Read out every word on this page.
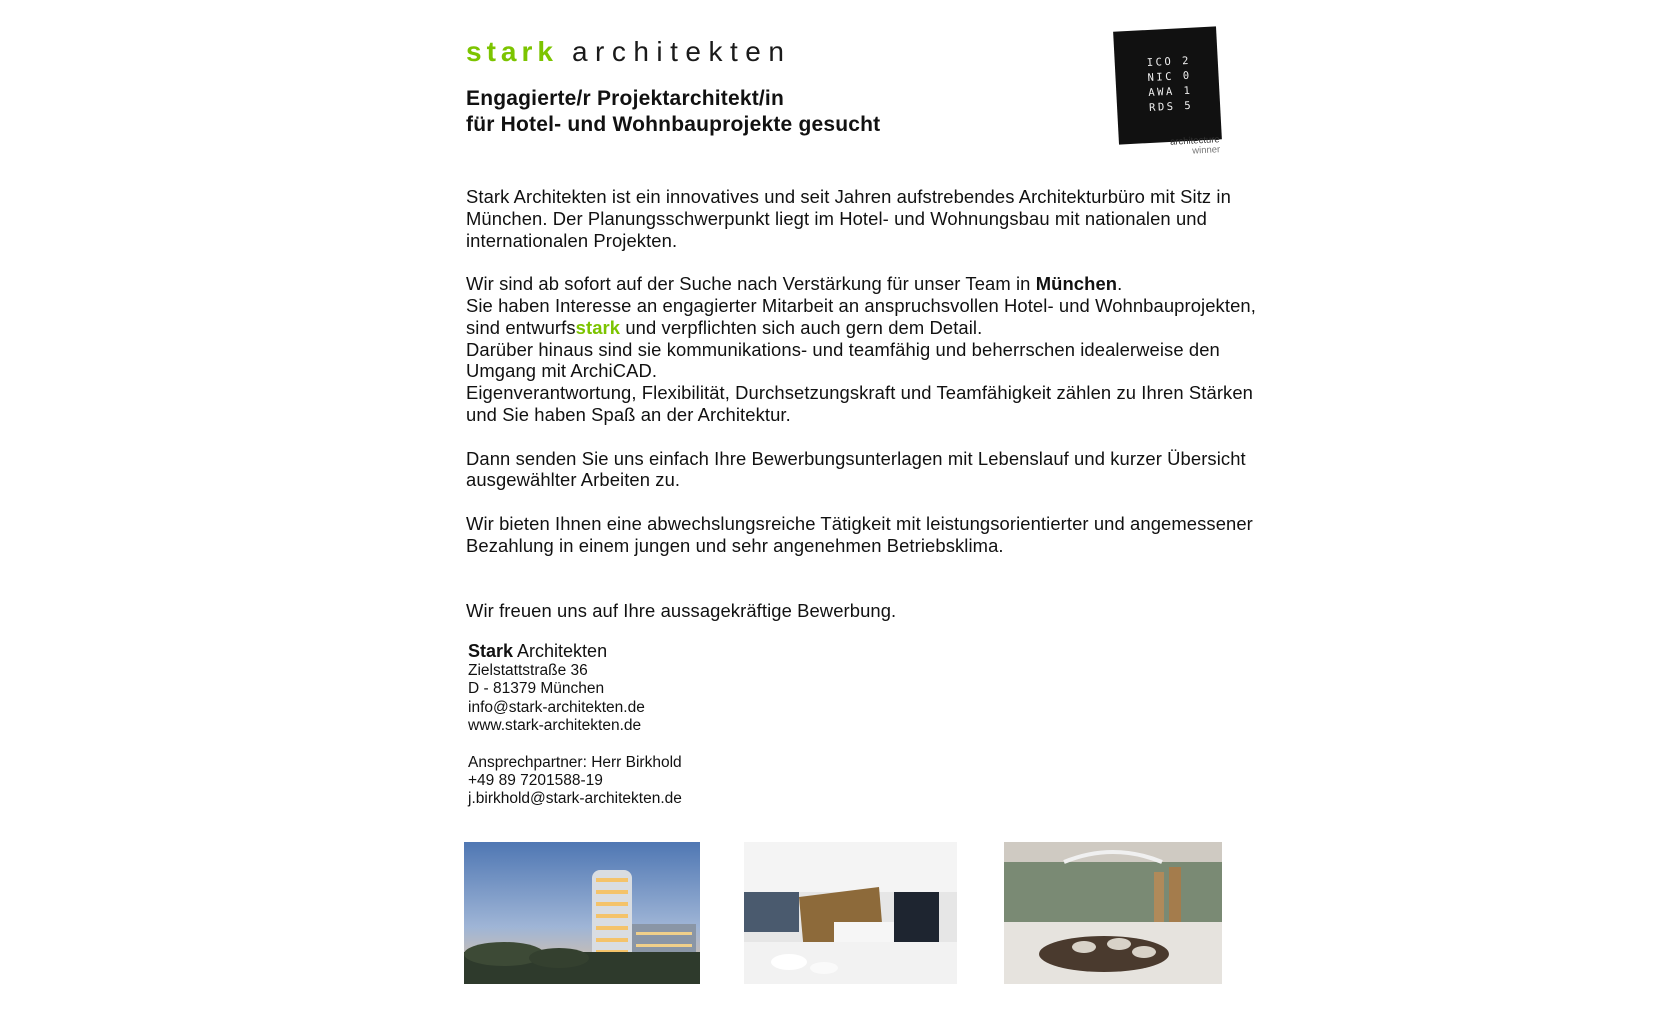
stark architekten
Engagierte/r Projektarchitekt/in
für Hotel- und Wohnbauprojekte gesucht
ICO 2
NIC 0
AWA 1
RDS 5
architecture
winner

Stark Architekten ist ein innovatives und seit Jahren aufstrebendes Architekturbüro mit Sitz in München. Der Planungsschwerpunkt liegt im Hotel- und Wohnungsbau mit nationalen und internationalen Projekten.

Wir sind ab sofort auf der Suche nach Verstärkung für unser Team in München.
Sie haben Interesse an engagierter Mitarbeit an anspruchsvollen Hotel- und Wohnbauprojekten, sind entwurfsstark und verpflichten sich auch gern dem Detail.
Darüber hinaus sind sie kommunikations- und teamfähig und beherrschen idealerweise den Umgang mit ArchiCAD.
Eigenverantwortung, Flexibilität, Durchsetzungskraft und Teamfähigkeit zählen zu Ihren Stärken und Sie haben Spaß an der Architektur.

Dann senden Sie uns einfach Ihre Bewerbungsunterlagen mit Lebenslauf und kurzer Übersicht ausgewählter Arbeiten zu.

Wir bieten Ihnen eine abwechslungsreiche Tätigkeit mit leistungsorientierter und angemessener Bezahlung in einem jungen und sehr angenehmen Betriebsklima.

Wir freuen uns auf Ihre aussagekräftige Bewerbung.

Stark Architekten
Zielstattstraße 36
D - 81379 München
info@stark-architekten.de
www.stark-architekten.de
Ansprechpartner: Herr Birkhold
+49 89 7201588-19
j.birkhold@stark-architekten.de
